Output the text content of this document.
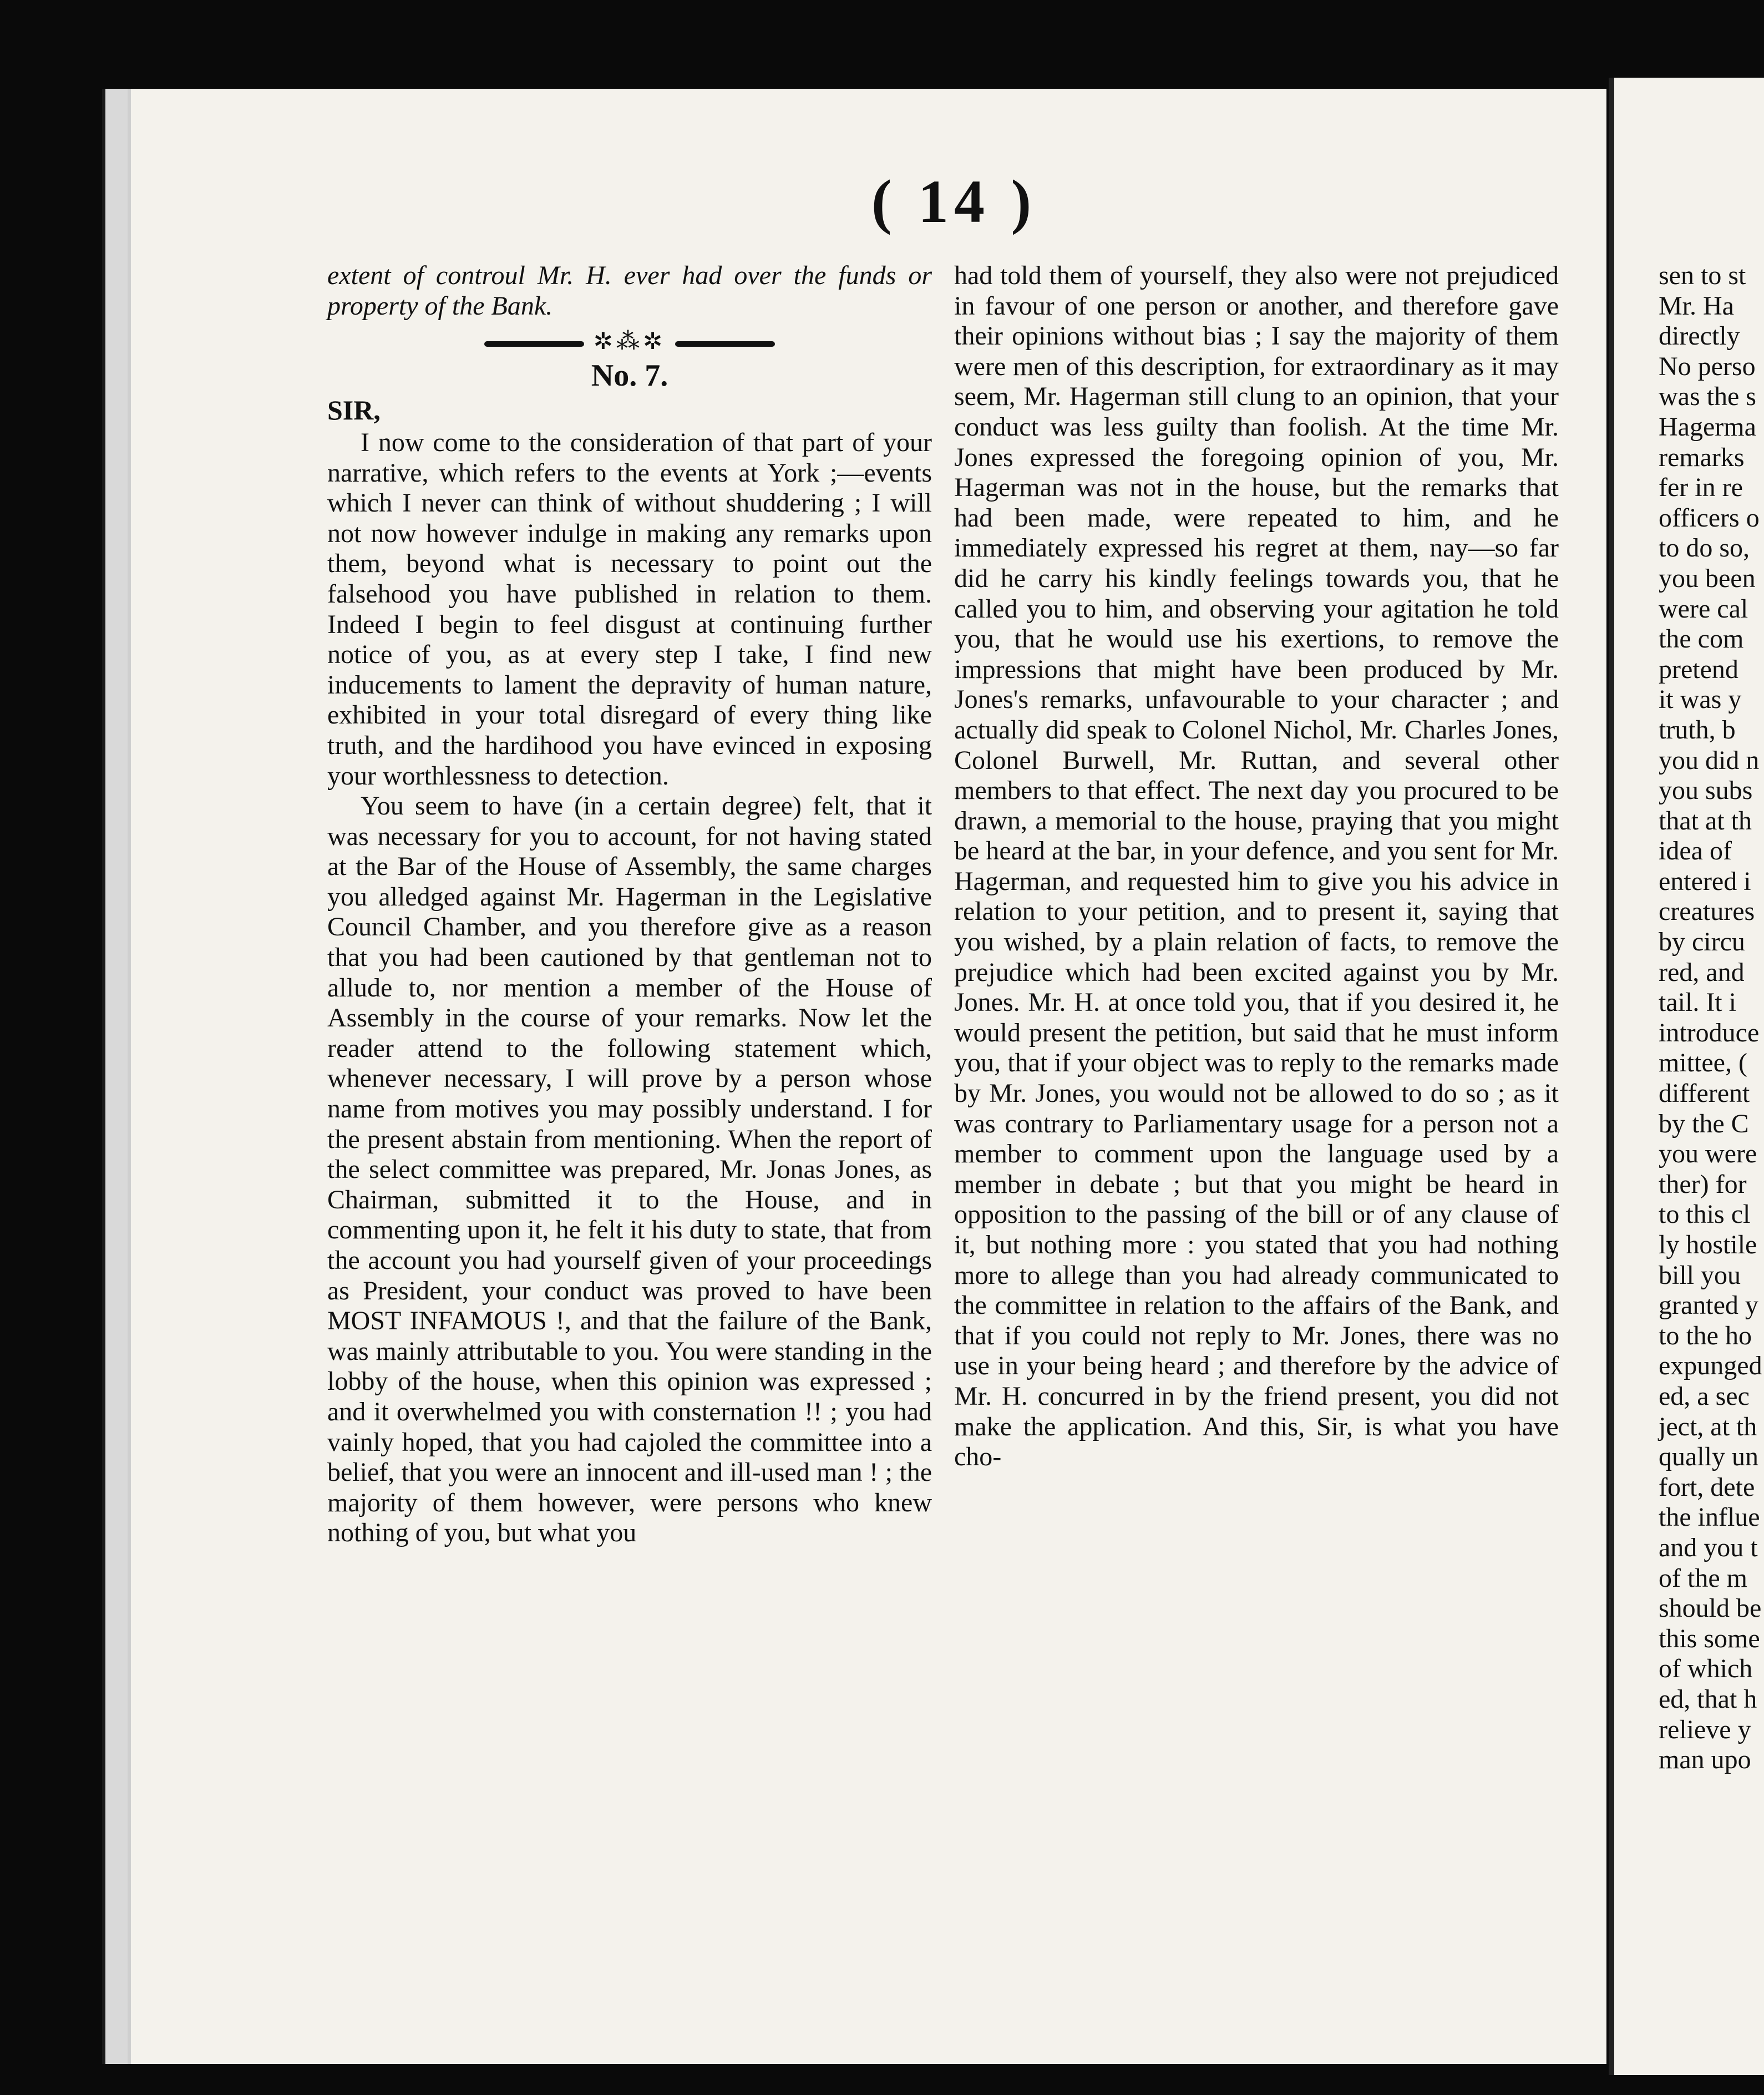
( 14 )

extent of controul Mr. H. ever had over the funds or property of the Bank.

✲⁂✲
No. 7.
SIR,

I now come to the consideration of that part of your narrative, which refers to the events at York ;—events which I never can think of without shuddering ; I will not now however indulge in making any remarks upon them, beyond what is necessary to point out the falsehood you have published in relation to them. Indeed I begin to feel disgust at continuing further notice of you, as at every step I take, I find new inducements to lament the depravity of human nature, exhibited in your total disregard of every thing like truth, and the hardihood you have evinced in exposing your worthlessness to detection.

You seem to have (in a certain degree) felt, that it was necessary for you to account, for not having stated at the Bar of the House of Assembly, the same charges you alledged against Mr. Hagerman in the Legislative Council Chamber, and you therefore give as a reason that you had been cautioned by that gentleman not to allude to, nor mention a member of the House of Assembly in the course of your remarks. Now let the reader attend to the following statement which, whenever necessary, I will prove by a person whose name from motives you may possibly understand. I for the present abstain from mentioning. When the report of the select committee was prepared, Mr. Jonas Jones, as Chairman, submitted it to the House, and in commenting upon it, he felt it his duty to state, that from the account you had yourself given of your proceedings as President, your conduct was proved to have been MOST INFAMOUS !, and that the failure of the Bank, was mainly attributable to you. You were standing in the lobby of the house, when this opinion was expressed ; and it overwhelmed you with consternation !! ; you had vainly hoped, that you had cajoled the committee into a belief, that you were an innocent and ill-used man ! ; the majority of them however, were persons who knew nothing of you, but what you

had told them of yourself, they also were not prejudiced in favour of one person or another, and therefore gave their opinions without bias ; I say the majority of them were men of this description, for extraordinary as it may seem, Mr. Hagerman still clung to an opinion, that your conduct was less guilty than foolish. At the time Mr. Jones expressed the foregoing opinion of you, Mr. Hagerman was not in the house, but the remarks that had been made, were repeated to him, and he immediately expressed his regret at them, nay—so far did he carry his kindly feelings towards you, that he called you to him, and observing your agitation he told you, that he would use his exertions, to remove the impressions that might have been produced by Mr. Jones's remarks, unfavourable to your character ; and actually did speak to Colonel Nichol, Mr. Charles Jones, Colonel Burwell, Mr. Ruttan, and several other members to that effect. The next day you procured to be drawn, a memorial to the house, praying that you might be heard at the bar, in your defence, and you sent for Mr. Hagerman, and requested him to give you his advice in relation to your petition, and to present it, saying that you wished, by a plain relation of facts, to remove the prejudice which had been excited against you by Mr. Jones. Mr. H. at once told you, that if you desired it, he would present the petition, but said that he must inform you, that if your object was to reply to the remarks made by Mr. Jones, you would not be allowed to do so ; as it was contrary to Parliamentary usage for a person not a member to comment upon the language used by a member in debate ; but that you might be heard in opposition to the passing of the bill or of any clause of it, but nothing more : you stated that you had nothing more to allege than you had already communicated to the committee in relation to the affairs of the Bank, and that if you could not reply to Mr. Jones, there was no use in your being heard ; and therefore by the advice of Mr. H. concurred in by the friend present, you did not make the application. And this, Sir, is what you have cho-

sen to st
Mr. Ha
directly
No perso
was the s
Hagerma
remarks
fer in re
officers o
to do so,
you been
were cal
the com
pretend
it was y
truth, b
you did n
you subs
that at th
idea of
entered i
creatures
by circu
red, and
tail. It i
introduce
mittee, (
different
by the C
you were
ther) for
to this cl
ly hostile
bill you
granted y
to the ho
expunged
ed, a sec
ject, at th
qually un
fort, dete
the influe
and you t
of the m
should be
this some
of which
ed, that h
relieve y
man upo
